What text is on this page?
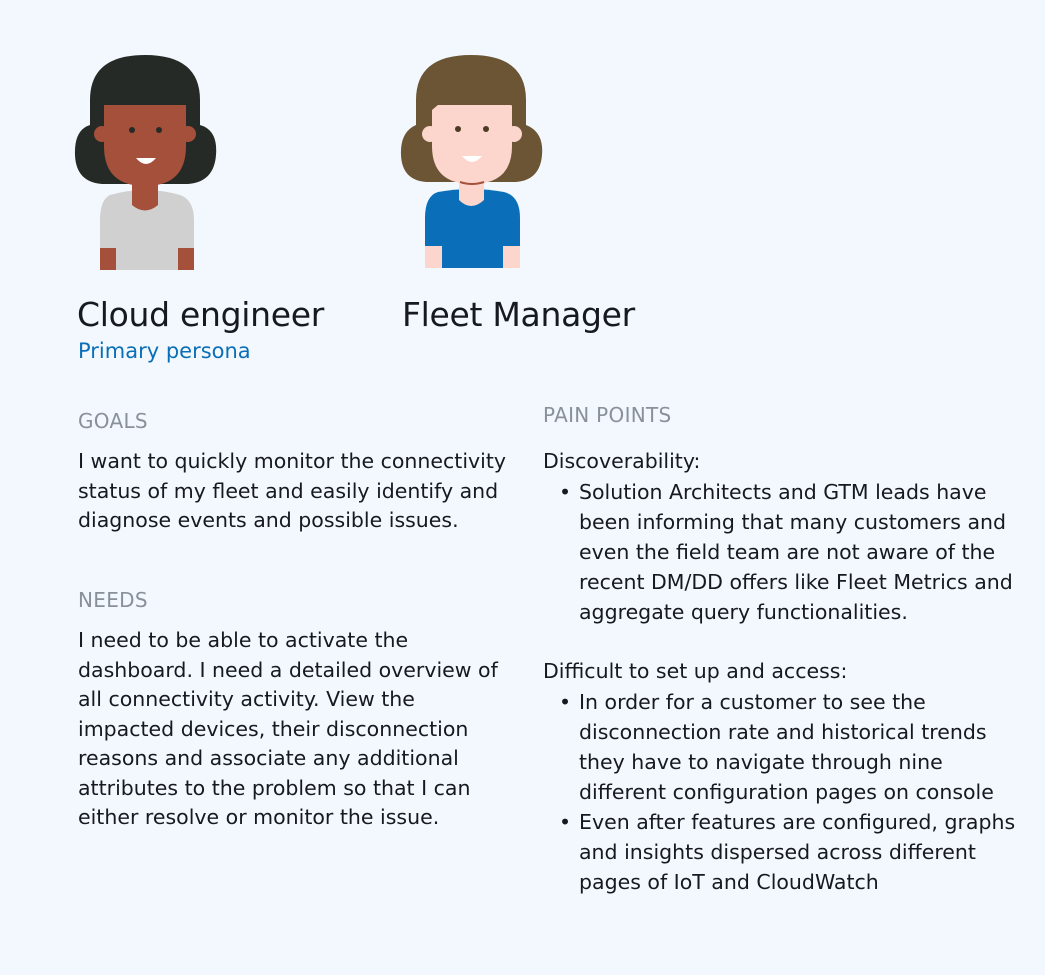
Cloud engineer Fleet Manager
Primary persona
GOALS

I want to quickly monitor the connectivity status of my fleet and easily identify and diagnose events and possible issues.

NEEDS

I need to be able to activate the dashboard. I need a detailed overview of all connectivity activity. View the impacted devices, their disconnection reasons and associate any additional attributes to the problem so that I can either resolve or monitor the issue.

PAIN POINTS

Discoverability:

• Solution Architects and GTM leads have been informing that many customers and even the field team are not aware of the recent DM/DD offers like Fleet Metrics and aggregate query functionalities.

Difficult to set up and access:

• In order for a customer to see the disconnection rate and historical trends they have to navigate through nine different configuration pages on console
• Even after features are configured, graphs and insights dispersed across different pages of IoT and CloudWatch
